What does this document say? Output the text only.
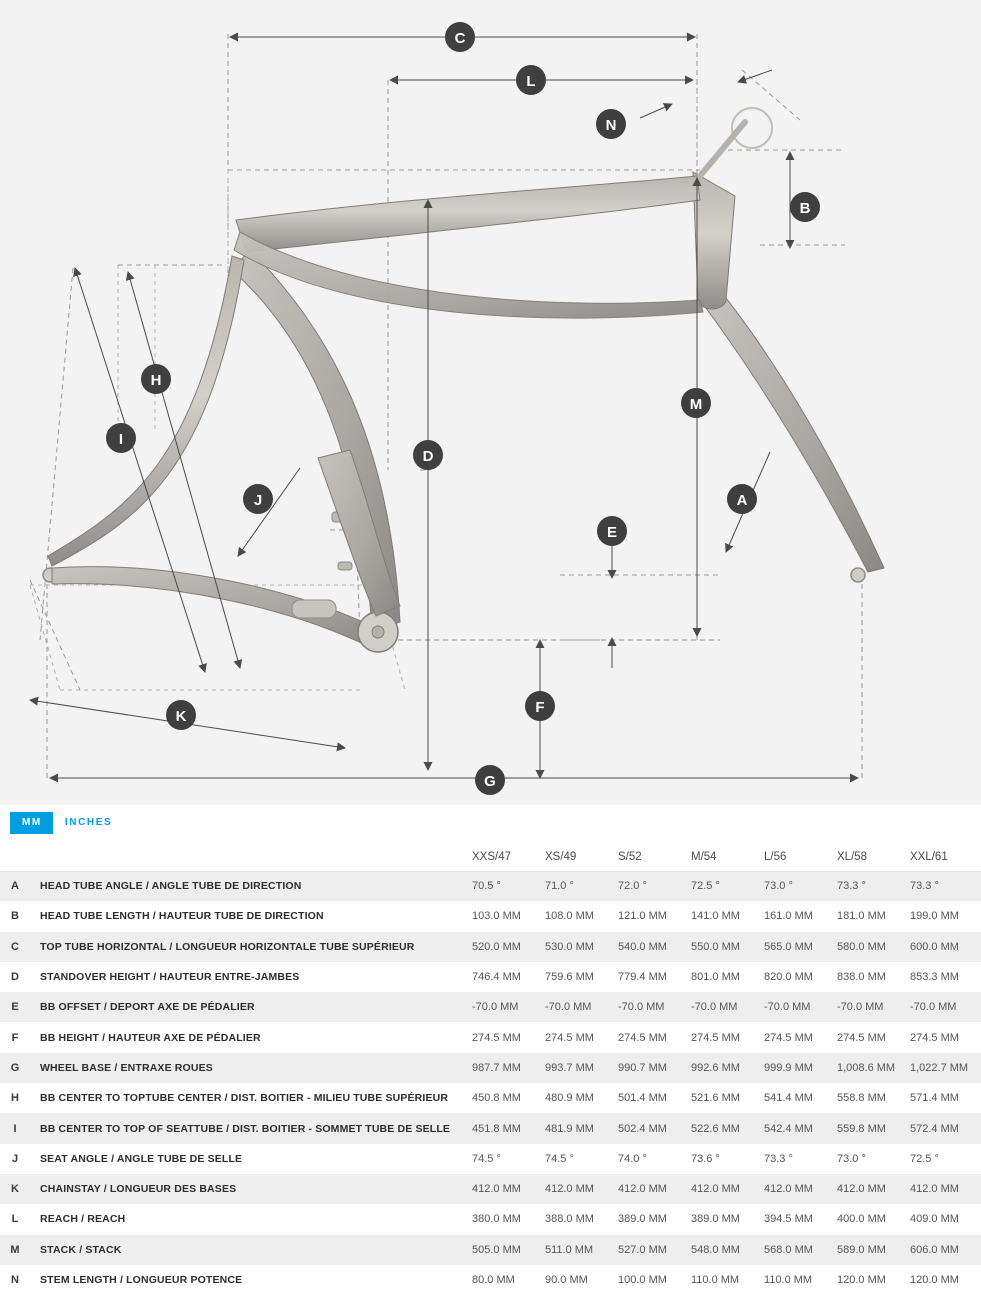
C
L
N
B
M
D
H
I
J	A
E
F
K
G
MM	INCHES
		XXS/47	XS/49	S/52	M/54	L/56	XL/58	XXL/61
A	HEAD TUBE ANGLE / ANGLE TUBE DE DIRECTION	70.5 °	71.0 °	72.0 °	72.5 °	73.0 °	73.3 °	73.3 °
B	HEAD TUBE LENGTH / HAUTEUR TUBE DE DIRECTION	103.0 MM	108.0 MM	121.0 MM	141.0 MM	161.0 MM	181.0 MM	199.0 MM
C	TOP TUBE HORIZONTAL / LONGUEUR HORIZONTALE TUBE SUPÉRIEUR	520.0 MM	530.0 MM	540.0 MM	550.0 MM	565.0 MM	580.0 MM	600.0 MM
D	STANDOVER HEIGHT / HAUTEUR ENTRE-JAMBES	746.4 MM	759.6 MM	779.4 MM	801.0 MM	820.0 MM	838.0 MM	853.3 MM
E	BB OFFSET / DEPORT AXE DE PÉDALIER	-70.0 MM	-70.0 MM	-70.0 MM	-70.0 MM	-70.0 MM	-70.0 MM	-70.0 MM
F	BB HEIGHT / HAUTEUR AXE DE PÉDALIER	274.5 MM	274.5 MM	274.5 MM	274.5 MM	274.5 MM	274.5 MM	274.5 MM
G	WHEEL BASE / ENTRAXE ROUES	987.7 MM	993.7 MM	990.7 MM	992.6 MM	999.9 MM	1,008.6 MM	1,022.7 MM
H	BB CENTER TO TOPTUBE CENTER / DIST. BOITIER - MILIEU TUBE SUPÉRIEUR	450.8 MM	480.9 MM	501.4 MM	521.6 MM	541.4 MM	558.8 MM	571.4 MM
I	BB CENTER TO TOP OF SEATTUBE / DIST. BOITIER - SOMMET TUBE DE SELLE	451.8 MM	481.9 MM	502.4 MM	522.6 MM	542.4 MM	559.8 MM	572.4 MM
J	SEAT ANGLE / ANGLE TUBE DE SELLE	74.5 °	74.5 °	74.0 °	73.6 °	73.3 °	73.0 °	72.5 °
K	CHAINSTAY / LONGUEUR DES BASES	412.0 MM	412.0 MM	412.0 MM	412.0 MM	412.0 MM	412.0 MM	412.0 MM
L	REACH / REACH	380.0 MM	388.0 MM	389.0 MM	389.0 MM	394.5 MM	400.0 MM	409.0 MM
M	STACK / STACK	505.0 MM	511.0 MM	527.0 MM	548.0 MM	568.0 MM	589.0 MM	606.0 MM
N	STEM LENGTH / LONGUEUR POTENCE	80.0 MM	90.0 MM	100.0 MM	110.0 MM	110.0 MM	120.0 MM	120.0 MM
